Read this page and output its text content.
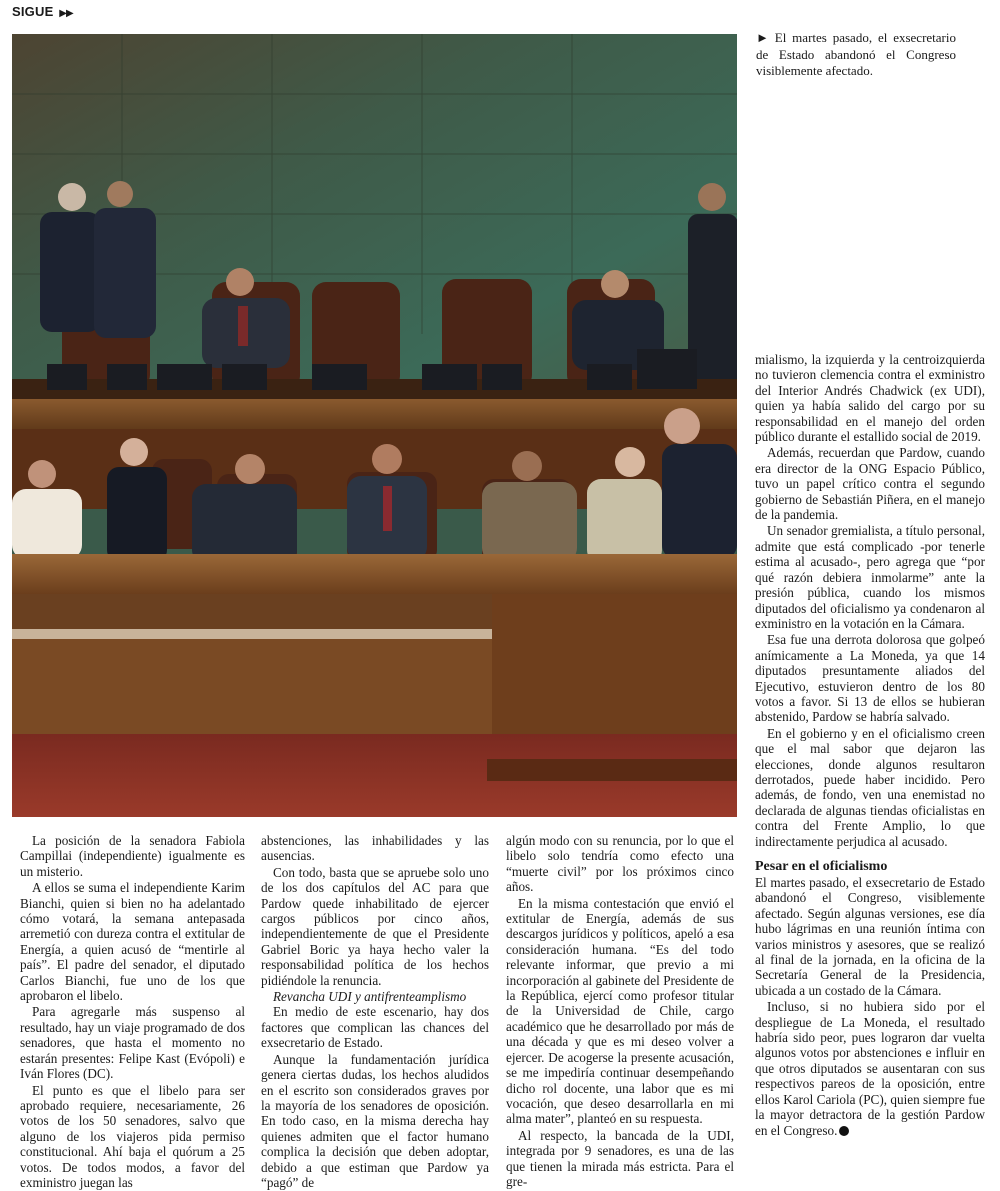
SIGUE ▶▶
► El martes pasado, el exsecretario de Estado abandonó el Congreso visiblemente afectado.

La posición de la senadora Fabiola Campillai (independiente) igualmente es un misterio.

A ellos se suma el independiente Karim Bianchi, quien si bien no ha adelantado cómo votará, la semana antepasada arremetió con dureza contra el extitular de Energía, a quien acusó de “mentirle al país”. El padre del senador, el diputado Carlos Bianchi, fue uno de los que aprobaron el libelo.

Para agregarle más suspenso al resultado, hay un viaje programado de dos senadores, que hasta el momento no estarán presentes: Felipe Kast (Evópoli) e Iván Flores (DC).

El punto es que el libelo para ser aprobado requiere, necesariamente, 26 votos de los 50 senadores, salvo que alguno de los viajeros pida permiso constitucional. Ahí baja el quórum a 25 votos. De todos modos, a favor del exministro juegan las

abstenciones, las inhabilidades y las ausencias.

Con todo, basta que se apruebe solo uno de los dos capítulos del AC para que Pardow quede inhabilitado de ejercer cargos públicos por cinco años, independientemente de que el Presidente Gabriel Boric ya haya hecho valer la responsabilidad política de los hechos pidiéndole la renuncia.

Revancha UDI y antifrenteamplismo

En medio de este escenario, hay dos factores que complican las chances del exsecretario de Estado.

Aunque la fundamentación jurídica genera ciertas dudas, los hechos aludidos en el escrito son considerados graves por la mayoría de los senadores de oposición. En todo caso, en la misma derecha hay quienes admiten que el factor humano complica la decisión que deben adoptar, debido a que estiman que Pardow ya “pagó” de

algún modo con su renuncia, por lo que el libelo solo tendría como efecto una “muerte civil” por los próximos cinco años.

En la misma contestación que envió el extitular de Energía, además de sus descargos jurídicos y políticos, apeló a esa consideración humana. “Es del todo relevante informar, que previo a mi incorporación al gabinete del Presidente de la República, ejercí como profesor titular de la Universidad de Chile, cargo académico que he desarrollado por más de una década y que es mi deseo volver a ejercer. De acogerse la presente acusación, se me impediría continuar desempeñando dicho rol docente, una labor que es mi vocación, que deseo desarrollarla en mi alma mater”, planteó en su respuesta.

Al respecto, la bancada de la UDI, integrada por 9 senadores, es una de las que tienen la mirada más estricta. Para el gre-

mialismo, la izquierda y la centroizquierda no tuvieron clemencia contra el exministro del Interior Andrés Chadwick (ex UDI), quien ya había salido del cargo por su responsabilidad en el manejo del orden público durante el estallido social de 2019.

Además, recuerdan que Pardow, cuando era director de la ONG Espacio Público, tuvo un papel crítico contra el segundo gobierno de Sebastián Piñera, en el manejo de la pandemia.

Un senador gremialista, a título personal, admite que está complicado -por tenerle estima al acusado-, pero agrega que “por qué razón debiera inmolarme” ante la presión pública, cuando los mismos diputados del oficialismo ya condenaron al exministro en la votación en la Cámara.

Esa fue una derrota dolorosa que golpeó anímicamente a La Moneda, ya que 14 diputados presuntamente aliados del Ejecutivo, estuvieron dentro de los 80 votos a favor. Si 13 de ellos se hubieran abstenido, Pardow se habría salvado.

En el gobierno y en el oficialismo creen que el mal sabor que dejaron las elecciones, donde algunos resultaron derrotados, puede haber incidido. Pero además, de fondo, ven una enemistad no declarada de algunas tiendas oficialistas en contra del Frente Amplio, lo que indirectamente perjudica al acusado.

Pesar en el oficialismo

El martes pasado, el exsecretario de Estado abandonó el Congreso, visiblemente afectado. Según algunas versiones, ese día hubo lágrimas en una reunión íntima con varios ministros y asesores, que se realizó al final de la jornada, en la oficina de la Secretaría General de la Presidencia, ubicada a un costado de la Cámara.

Incluso, si no hubiera sido por el despliegue de La Moneda, el resultado habría sido peor, pues lograron dar vuelta algunos votos por abstenciones e influir en que otros diputados se ausentaran con sus respectivos pareos de la oposición, entre ellos Karol Cariola (PC), quien siempre fue la mayor detractora de la gestión Pardow en el Congreso.
